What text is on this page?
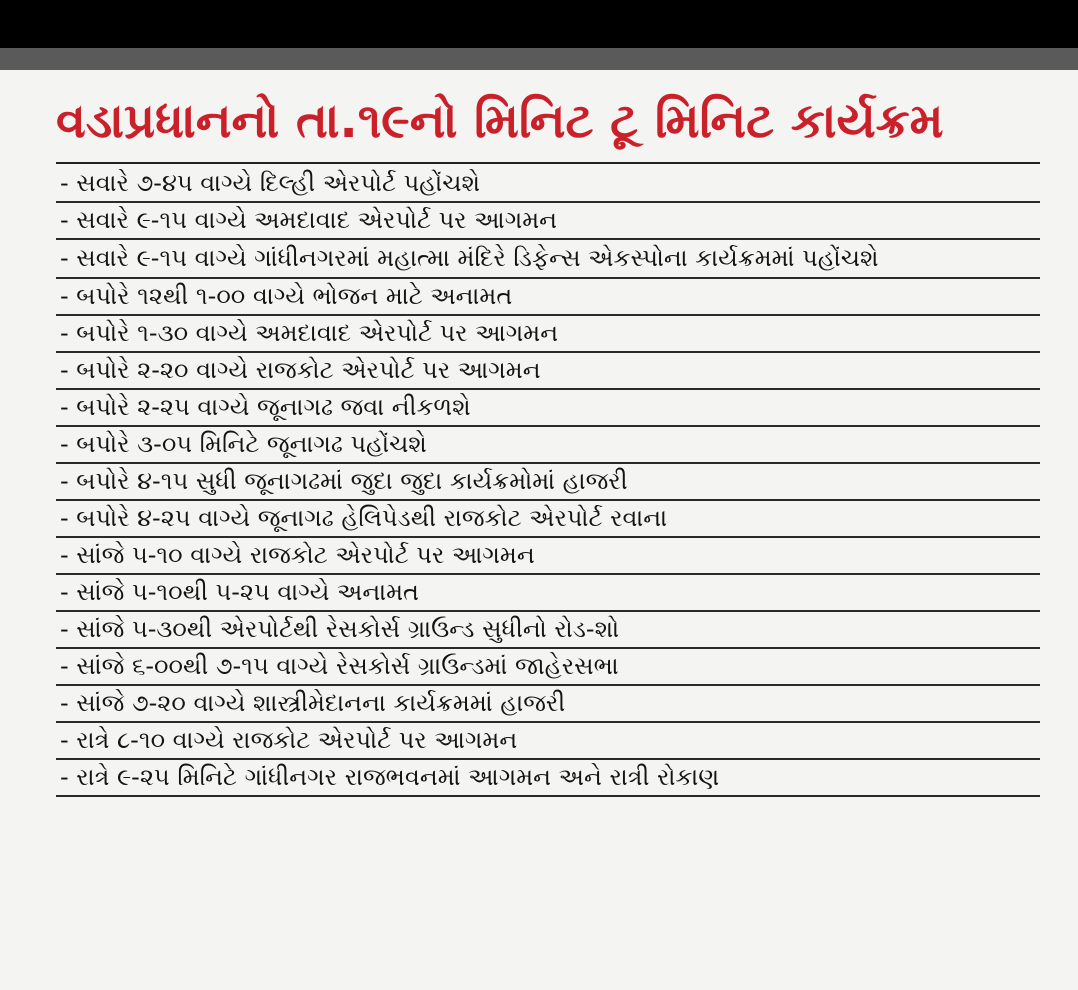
વડાપ્રધાનનો તા.૧૯નો મિનિટ ટૂ મિનિટ કાર્યક્રમ
- સવારે ૭-૪૫ વાગ્યે દિલ્હી એરપોર્ટ પહોંચશે
- સવારે ૯-૧૫ વાગ્યે અમદાવાદ એરપોર્ટ પર આગમન
- સવારે ૯-૧૫ વાગ્યે ગાંધીનગરમાં મહાત્મા મંદિરે ડિફેન્સ એકસ્પોના કાર્યક્રમમાં પહોંચશે
- બપોરે ૧૨થી ૧-૦૦ વાગ્યે ભોજન માટે અનામત
- બપોરે ૧-૩૦ વાગ્યે અમદાવાદ એરપોર્ટ પર આગમન
- બપોરે ૨-૨૦ વાગ્યે રાજકોટ એરપોર્ટ પર આગમન
- બપોરે ૨-૨૫ વાગ્યે જૂનાગઢ જવા નીકળશે
- બપોરે ૩-૦૫ મિનિટે જૂનાગઢ પહોંચશે
- બપોરે ૪-૧૫ સુધી જૂનાગઢમાં જુદા જુદા કાર્યક્રમોમાં હાજરી
- બપોરે ૪-૨૫ વાગ્યે જૂનાગઢ હેલિપેડથી રાજકોટ એરપોર્ટ રવાના
- સાંજે ૫-૧૦ વાગ્યે રાજકોટ એરપોર્ટ પર આગમન
- સાંજે ૫-૧૦થી ૫-૨૫ વાગ્યે અનામત
- સાંજે ૫-૩૦થી એરપોર્ટથી રેસકોર્સ ગ્રાઉન્ડ સુધીનો રોડ-શો
- સાંજે ૬-૦૦થી ૭-૧૫ વાગ્યે રેસકોર્સ ગ્રાઉન્ડમાં જાહેરસભા
- સાંજે ૭-૨૦ વાગ્યે શાસ્ત્રીમેદાનના કાર્યક્રમમાં હાજરી
- રાત્રે ૮-૧૦ વાગ્યે રાજકોટ એરપોર્ટ પર આગમન
- રાત્રે ૯-૨૫ મિનિટે ગાંધીનગર રાજભવનમાં આગમન અને રાત્રી રોકાણ
